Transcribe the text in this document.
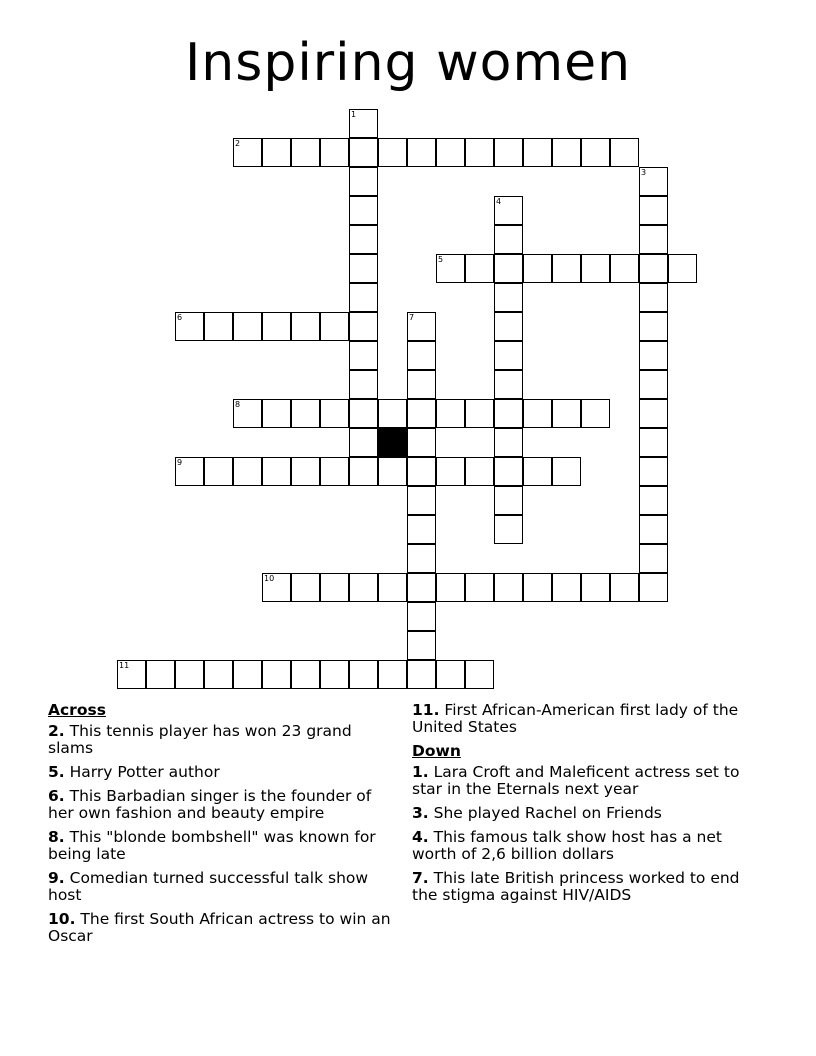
Inspiring women
1
2
3
4
5
6	7
8
9
10
11
Across
2. This tennis player has won 23 grand slams
5. Harry Potter author
6. This Barbadian singer is the founder of her own fashion and beauty empire
8. This "blonde bombshell" was known for being late
9. Comedian turned successful talk show host
10. The first South African actress to win an Oscar
11. First African-American first lady of the United States
Down
1. Lara Croft and Maleficent actress set to star in the Eternals next year
3. She played Rachel on Friends
4. This famous talk show host has a net worth of 2,6 billion dollars
7. This late British princess worked to end the stigma against HIV/AIDS
